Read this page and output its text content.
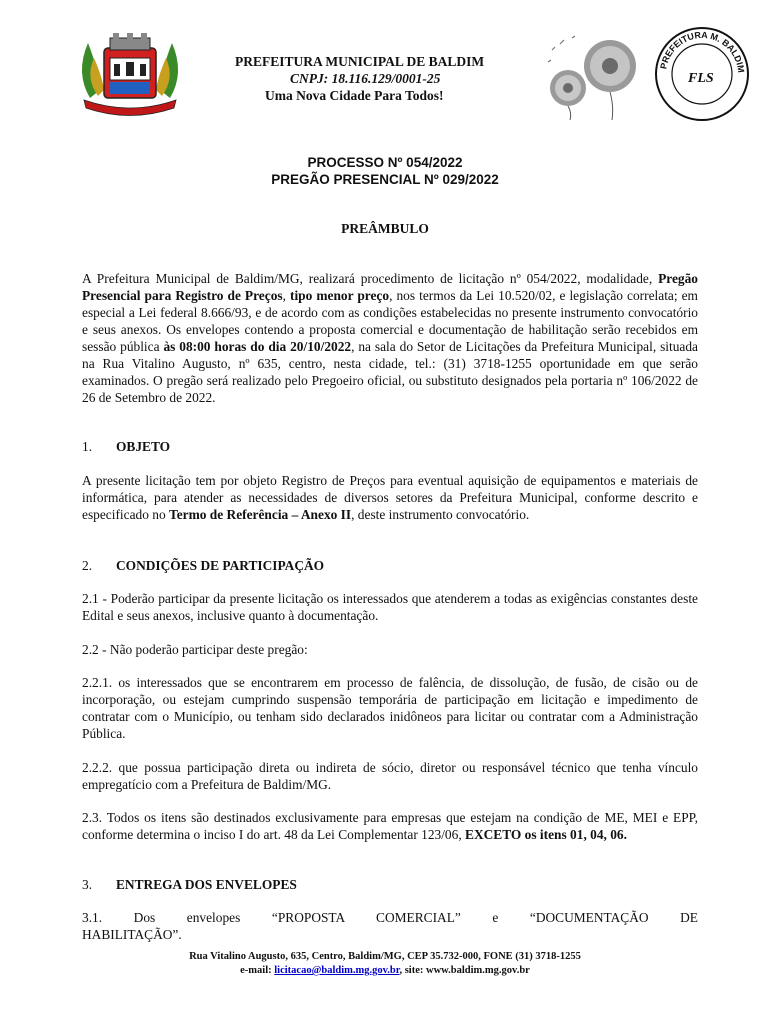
PREFEITURA MUNICIPAL DE BALDIM
CNPJ: 18.116.129/0001-25
Uma Nova Cidade Para Todos!
PREFEITURA M. BALDIM
FLS
PROCESSO Nº 054/2022
PREGÃO PRESENCIAL Nº 029/2022
PREÂMBULO
A Prefeitura Municipal de Baldim/MG, realizará procedimento de licitação nº 054/2022, modalidade, Pregão Presencial para Registro de Preços, tipo menor preço, nos termos da Lei 10.520/02, e legislação correlata; em especial a Lei federal 8.666/93, e de acordo com as condições estabelecidas no presente instrumento convocatório e seus anexos. Os envelopes contendo a proposta comercial e documentação de habilitação serão recebidos em sessão pública às 08:00 horas do dia 20/10/2022, na sala do Setor de Licitações da Prefeitura Municipal, situada na Rua Vitalino Augusto, nº 635, centro, nesta cidade, tel.: (31) 3718-1255 oportunidade em que serão examinados. O pregão será realizado pelo Pregoeiro oficial, ou substituto designados pela portaria nº 106/2022 de 26 de Setembro de 2022.
1. OBJETO
A presente licitação tem por objeto Registro de Preços para eventual aquisição de equipamentos e materiais de informática, para atender as necessidades de diversos setores da Prefeitura Municipal, conforme descrito e especificado no Termo de Referência – Anexo II, deste instrumento convocatório.
2. CONDIÇÕES DE PARTICIPAÇÃO
2.1 - Poderão participar da presente licitação os interessados que atenderem a todas as exigências constantes deste Edital e seus anexos, inclusive quanto à documentação.
2.2 - Não poderão participar deste pregão:
2.2.1. os interessados que se encontrarem em processo de falência, de dissolução, de fusão, de cisão ou de incorporação, ou estejam cumprindo suspensão temporária de participação em licitação e impedimento de contratar com o Município, ou tenham sido declarados inidôneos para licitar ou contratar com a Administração Pública.
2.2.2. que possua participação direta ou indireta de sócio, diretor ou responsável técnico que tenha vínculo empregatício com a Prefeitura de Baldim/MG.
2.3. Todos os itens são destinados exclusivamente para empresas que estejam na condição de ME, MEI e EPP, conforme determina o inciso I do art. 48 da Lei Complementar 123/06, EXCETO os itens 01, 04, 06.
3. ENTREGA DOS ENVELOPES
3.1. Dos envelopes “PROPOSTA COMERCIAL” e “DOCUMENTAÇÃO DE HABILITAÇÃO”.
Rua Vitalino Augusto, 635, Centro, Baldim/MG, CEP 35.732-000, FONE (31) 3718-1255
e-mail: licitacao@baldim.mg.gov.br, site: www.baldim.mg.gov.br
